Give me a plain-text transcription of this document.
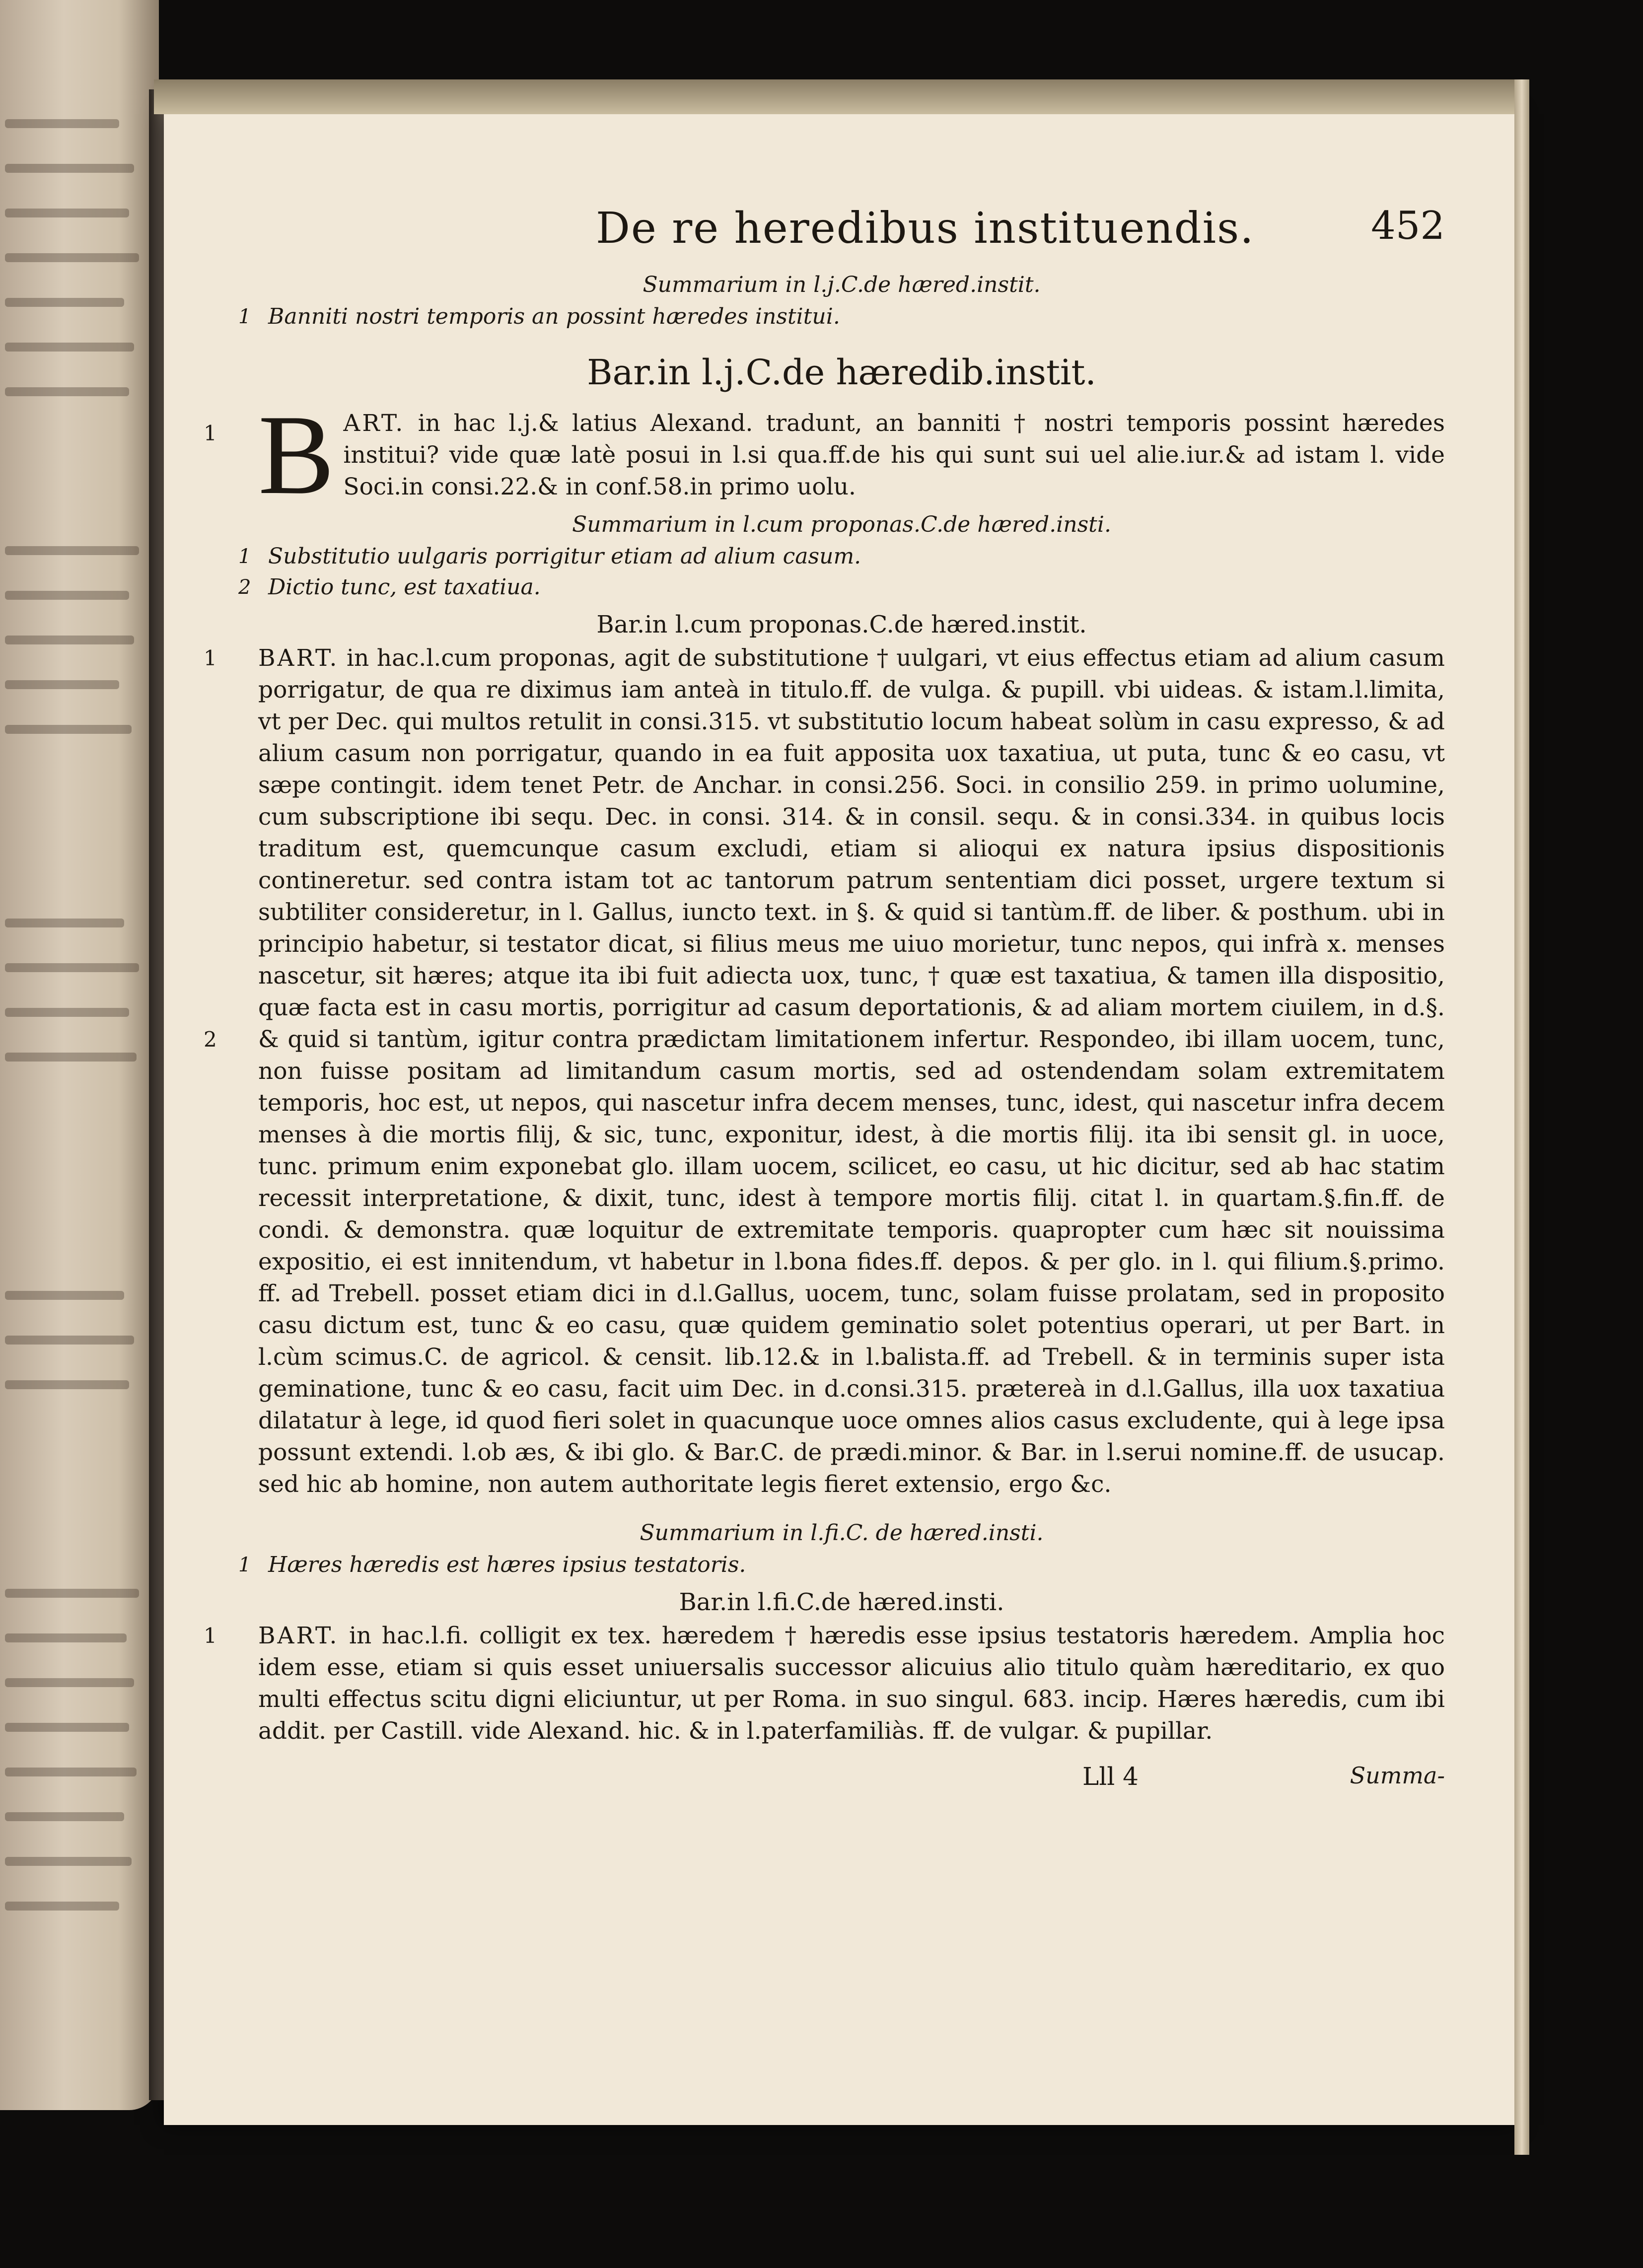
De re heredibus instituendis.	452
Summarium in l.j.C.de hæred.instit.
1 Banniti nostri temporis an possint hæredes institui.
Bar.in l.j.C.de hæredib.instit.
1 B ART. in hac l.j.& latius Alexand. tradunt, an banniti † nostri temporis possint hæredes institui? vide quæ latè posui in l.si qua.ff.de his qui sunt sui uel alie.iur.& ad istam l. vide Soci.in consi.22.& in conf.58.in primo uolu.
Summarium in l.cum proponas.C.de hæred.insti.
1 Substitutio uulgaris porrigitur etiam ad alium casum.
2 Dictio tunc, est taxatiua.
Bar.in l.cum proponas.C.de hæred.instit.
1
2
BART. in hac.l.cum proponas, agit de substitutione † uulgari, vt eius effectus etiam ad alium casum porrigatur, de qua re diximus iam anteà in titulo.ff. de vulga. & pupill. vbi uideas. & istam.l.limita, vt per Dec. qui multos retulit in consi.315. vt substitutio locum habeat solùm in casu expresso, & ad alium casum non porrigatur, quando in ea fuit apposita uox taxatiua, ut puta, tunc & eo casu, vt sæpe contingit. idem tenet Petr. de Anchar. in consi.256. Soci. in consilio 259. in primo uolumine, cum subscriptione ibi sequ. Dec. in consi. 314. & in consil. sequ. & in consi.334. in quibus locis traditum est, quemcunque casum excludi, etiam si alioqui ex natura ipsius dispositionis contineretur. sed contra istam tot ac tantorum patrum sententiam dici posset, urgere textum si subtiliter consideretur, in l. Gallus, iuncto text. in §. & quid si tantùm.ff. de liber. & posthum. ubi in principio habetur, si testator dicat, si filius meus me uiuo morietur, tunc nepos, qui infrà x. menses nascetur, sit hæres; atque ita ibi fuit adiecta uox, tunc, † quæ est taxatiua, & tamen illa dispositio, quæ facta est in casu mortis, porrigitur ad casum deportationis, & ad aliam mortem ciuilem, in d.§. & quid si tantùm, igitur contra prædictam limitationem infertur. Respondeo, ibi illam uocem, tunc, non fuisse positam ad limitandum casum mortis, sed ad ostendendam solam extremitatem temporis, hoc est, ut nepos, qui nascetur infra decem menses, tunc, idest, qui nascetur infra decem menses à die mortis filij, & sic, tunc, exponitur, idest, à die mortis filij. ita ibi sensit gl. in uoce, tunc. primum enim exponebat glo. illam uocem, scilicet, eo casu, ut hic dicitur, sed ab hac statim recessit interpretatione, & dixit, tunc, idest à tempore mortis filij. citat l. in quartam.§.fin.ff. de condi. & demonstra. quæ loquitur de extremitate temporis. quapropter cum hæc sit nouissima expositio, ei est innitendum, vt habetur in l.bona fides.ff. depos. & per glo. in l. qui filium.§.primo. ff. ad Trebell. posset etiam dici in d.l.Gallus, uocem, tunc, solam fuisse prolatam, sed in proposito casu dictum est, tunc & eo casu, quæ quidem geminatio solet potentius operari, ut per Bart. in l.cùm scimus.C. de agricol. & censit. lib.12.& in l.balista.ff. ad Trebell. & in terminis super ista geminatione, tunc & eo casu, facit uim Dec. in d.consi.315. prætereà in d.l.Gallus, illa uox taxatiua dilatatur à lege, id quod fieri solet in quacunque uoce omnes alios casus excludente, qui à lege ipsa possunt extendi. l.ob æs, & ibi glo. & Bar.C. de prædi.minor. & Bar. in l.serui nomine.ff. de usucap. sed hic ab homine, non autem authoritate legis fieret extensio, ergo &c.
Summarium in l.fi.C. de hæred.insti.
1 Hæres hæredis est hæres ipsius testatoris.
Bar.in l.fi.C.de hæred.insti.
1 BART. in hac.l.fi. colligit ex tex. hæredem † hæredis esse ipsius testatoris hæredem. Amplia hoc idem esse, etiam si quis esset uniuersalis successor alicuius alio titulo quàm hæreditario, ex quo multi effectus scitu digni eliciuntur, ut per Roma. in suo singul. 683. incip. Hæres hæredis, cum ibi addit. per Castill. vide Alexand. hic. & in l.paterfamiliàs. ff. de vulgar. & pupillar.
Lll 4	Summa-
